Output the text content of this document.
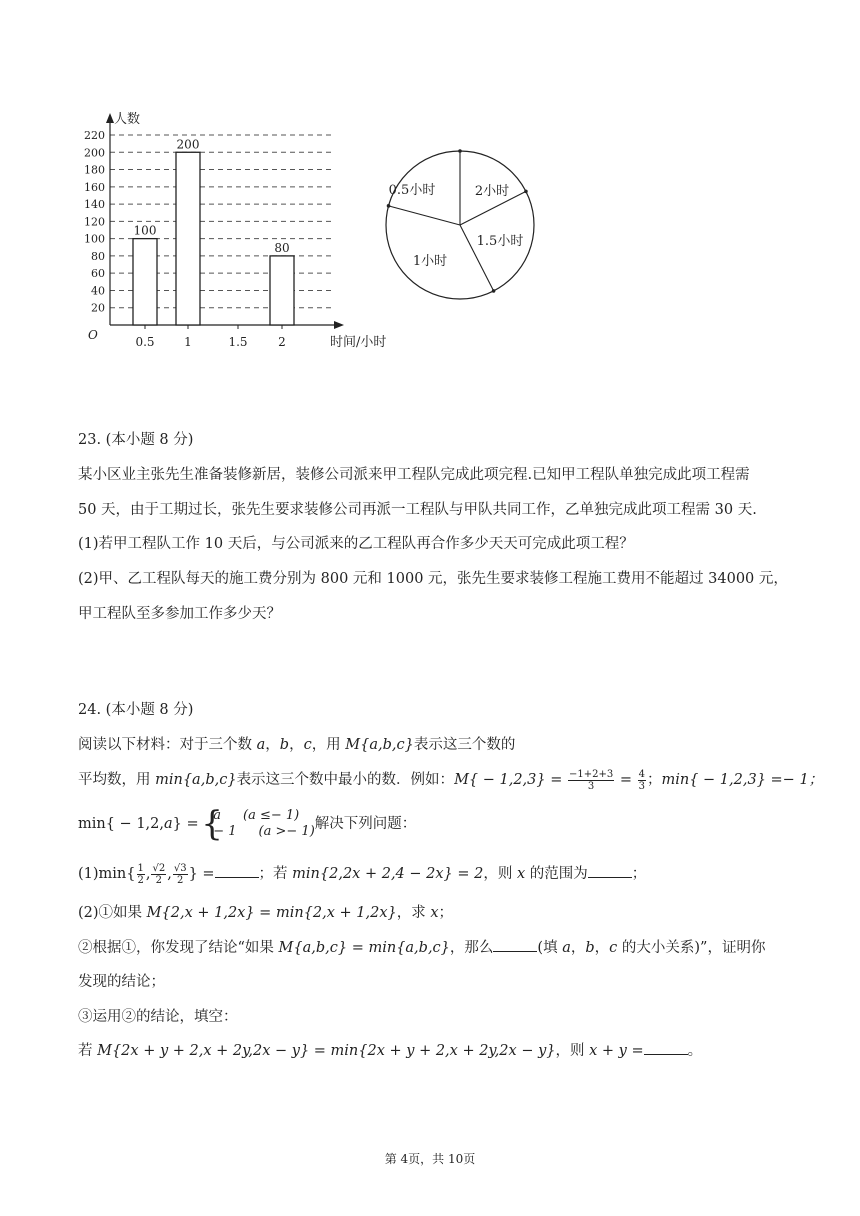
20
40
60
80
100
120
140
160
180
200
220
O
人数
时间/小时
0.5
100
1
200
1.5	2
80
0.5小时	2小时
1.5小时
1小时
23. (本小题 8 分)
某小区业主张先生准备装修新居，装修公司派来甲工程队完成此项完程.已知甲工程队单独完成此项工程需
50 天，由于工期过长，张先生要求装修公司再派一工程队与甲队共同工作，乙单独完成此项工程需 30 天.
(1)若甲工程队工作 10 天后，与公司派来的乙工程队再合作多少天天可完成此项工程？
(2)甲、乙工程队每天的施工费分别为 800 元和 1000 元，张先生要求装修工程施工费用不能超过 34000 元，
甲工程队至多参加工作多少天？
24. (本小题 8 分)
阅读以下材料：对于三个数 a，b，c，用 M{a,b,c}表示这三个数的
平均数，用 min{a,b,c}表示这三个数中最小的数．例如：$M\{ - 1,2,3\} = \frac{-1+2+3}{3} = \frac{4}{3}$ ；min{ − 1,2,3} =− 1；
min{ − 1,2,a} =
{ a (a ≤− 1)
− 1 (a >− 1) 解决下列问题：
$(1)\min\{ \frac{1}{2}$ , $\frac{√2}{2}$ , $\frac{√3}{2}$ } =	；若 min{2,2x + 2,4 − 2x} = 2，则 x 的范围为	；
(2)①如果 M{2,x + 1,2x} = min{2,x + 1,2x}，求 x；
②根据①，你发现了结论“如果 M{a,b,c} = min{a,b,c}，那么	(填 a，b，c 的大小关系)”，证明你
发现的结论；
③运用②的结论，填空：
若 M{2x + y + 2,x + 2y,2x − y} = min{2x + y + 2,x + 2y,2x − y}，则 x + y =	。
第 4页，共 10页
